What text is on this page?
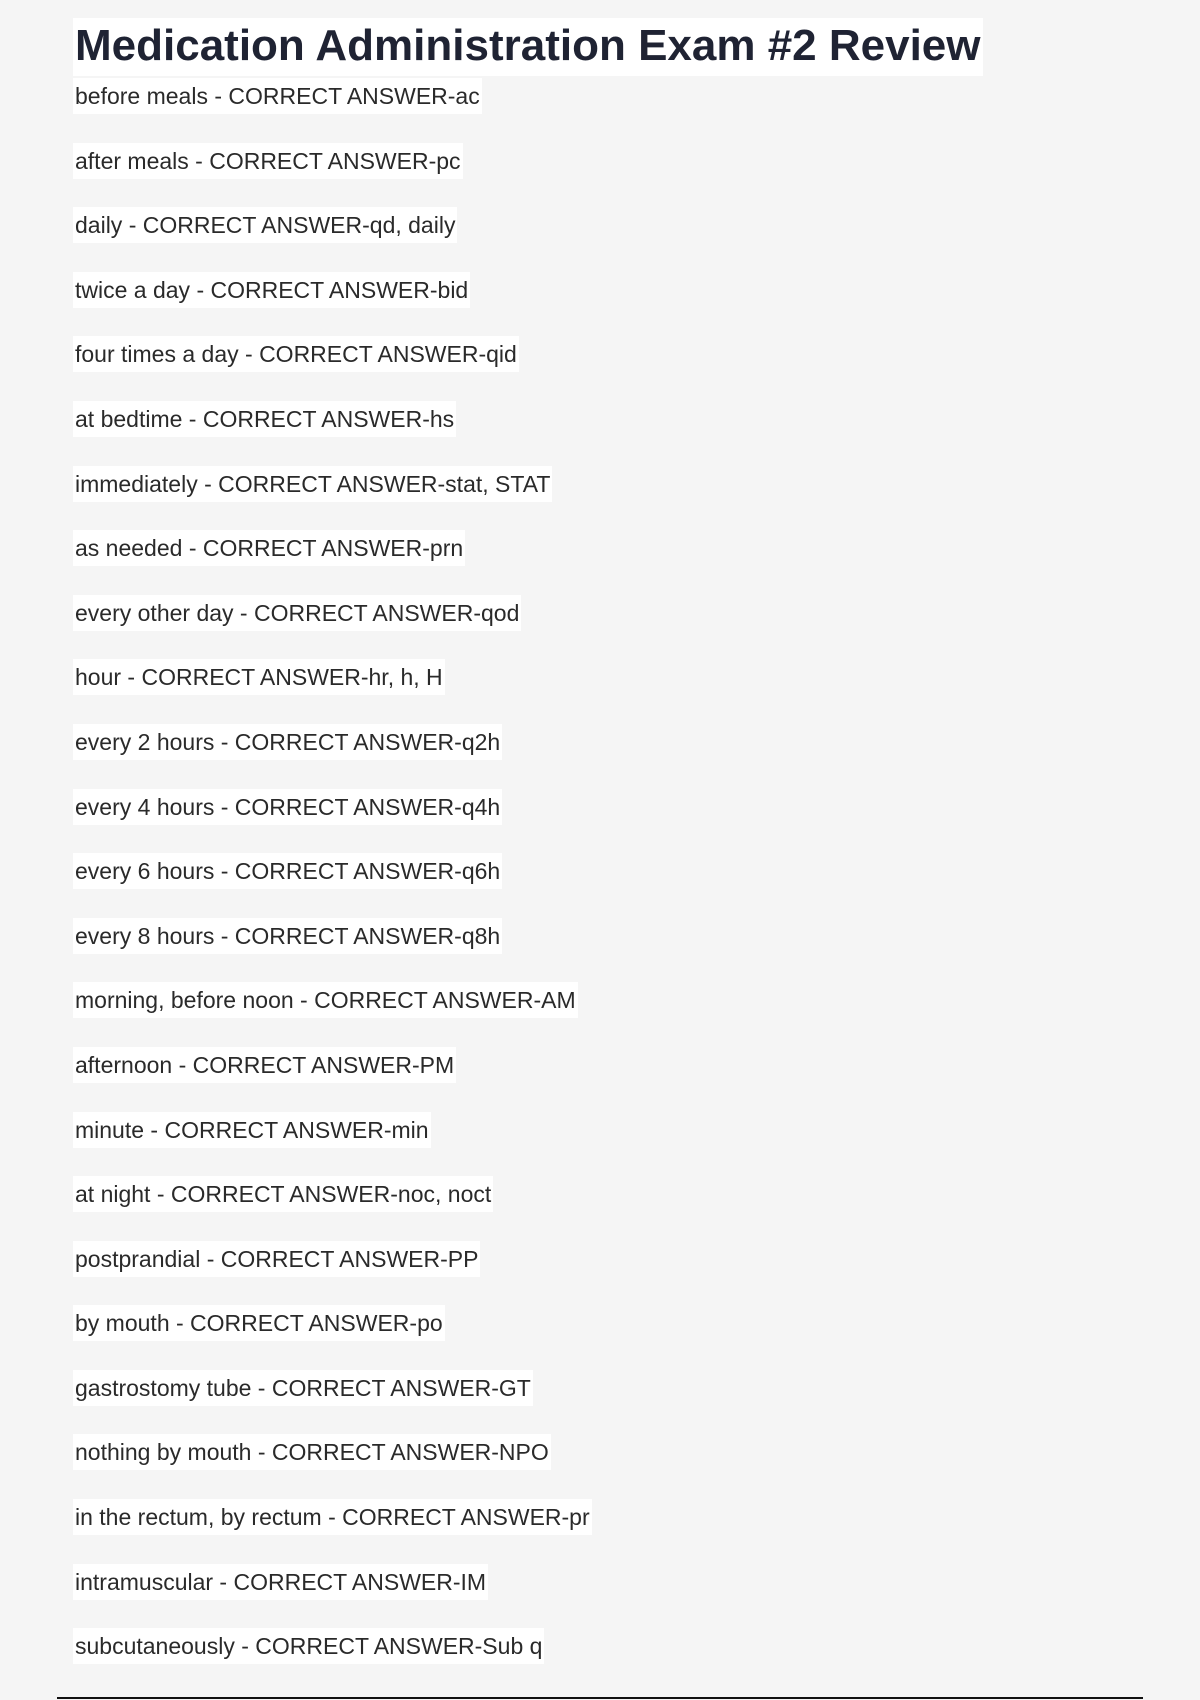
Medication Administration Exam #2 Review
before meals - CORRECT ANSWER-ac
after meals - CORRECT ANSWER-pc
daily - CORRECT ANSWER-qd, daily
twice a day - CORRECT ANSWER-bid
four times a day - CORRECT ANSWER-qid
at bedtime - CORRECT ANSWER-hs
immediately - CORRECT ANSWER-stat, STAT
as needed - CORRECT ANSWER-prn
every other day - CORRECT ANSWER-qod
hour - CORRECT ANSWER-hr, h, H
every 2 hours - CORRECT ANSWER-q2h
every 4 hours - CORRECT ANSWER-q4h
every 6 hours - CORRECT ANSWER-q6h
every 8 hours - CORRECT ANSWER-q8h
morning, before noon - CORRECT ANSWER-AM
afternoon - CORRECT ANSWER-PM
minute - CORRECT ANSWER-min
at night - CORRECT ANSWER-noc, noct
postprandial - CORRECT ANSWER-PP
by mouth - CORRECT ANSWER-po
gastrostomy tube - CORRECT ANSWER-GT
nothing by mouth - CORRECT ANSWER-NPO
in the rectum, by rectum - CORRECT ANSWER-pr
intramuscular - CORRECT ANSWER-IM
subcutaneously - CORRECT ANSWER-Sub q
